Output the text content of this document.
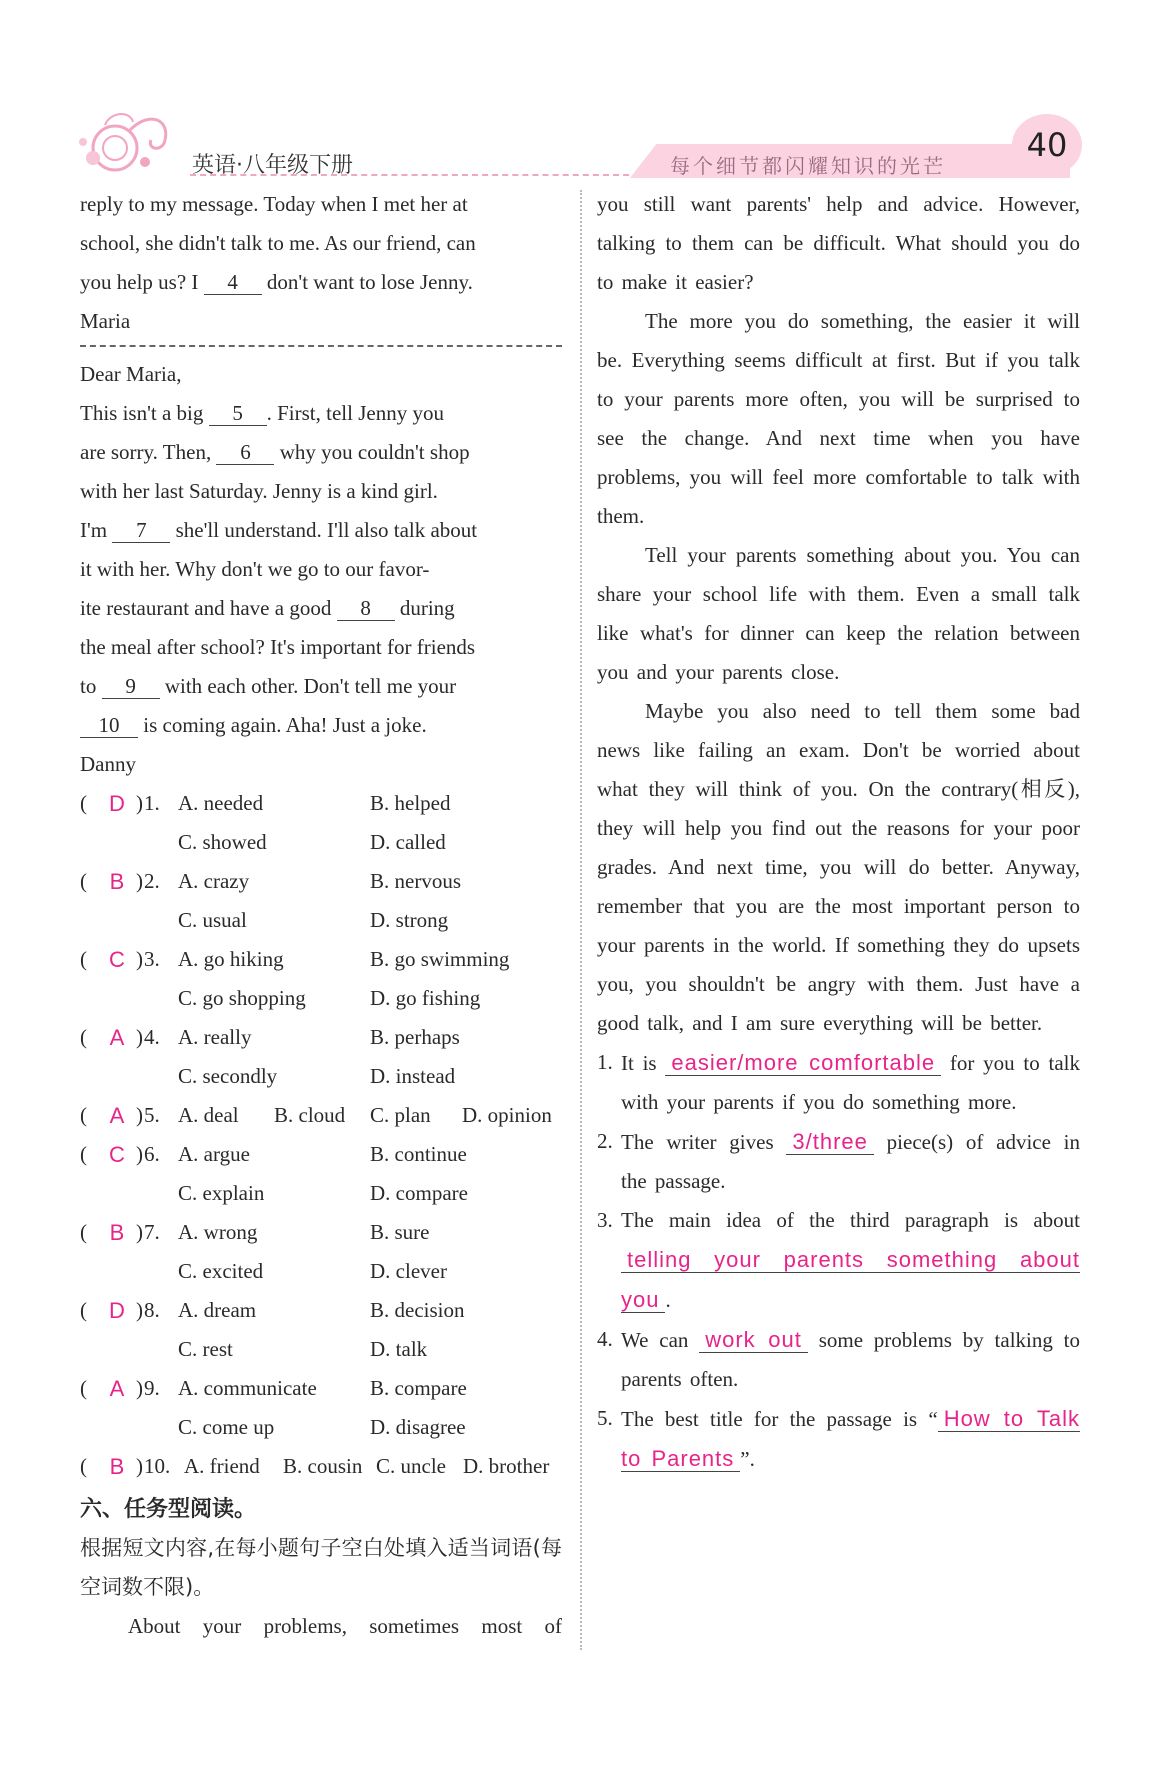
英语·八年级下册	每个细节都闪耀知识的光芒
40
reply to my message. Today when I met her at
school, she didn't talk to me. As our friend, can
you help us? I 4 don't want to lose Jenny.
Maria
Dear Maria,
This isn't a big 5 . First, tell Jenny you
are sorry. Then, 6 why you couldn't shop
with her last Saturday. Jenny is a kind girl.
I'm 7 she'll understand. I'll also talk about
it with her. Why don't we go to our favor-
ite restaurant and have a good 8 during
the meal after school? It's important for friends
to 9 with each other. Don't tell me your
10 is coming again. Aha! Just a joke.
Danny
( D ) 1. A. needed	B. helped
C. showed	D. called
( B ) 2. A. crazy	B. nervous
C. usual	D. strong
( C ) 3. A. go hiking	B. go swimming
C. go shopping	D. go fishing
( A ) 4. A. really	B. perhaps
C. secondly	D. instead
( A ) 5. A. deal B. cloud C. plan D. opinion
( C ) 6. A. argue	B. continue
C. explain	D. compare
( B ) 7. A. wrong	B. sure
C. excited	D. clever
( D ) 8. A. dream	B. decision
C. rest	D. talk
( A ) 9. A. communicate	B. compare
C. come up	D. disagree
( B ) 10. A. friend B. cousin C. uncle D. brother

六、任务型阅读。

根据短文内容,在每小题句子空白处填入适当词语(每空词数不限)。

About your problems, sometimes most of

you still want parents' help and advice. However, talking to them can be difficult. What should you do to make it easier?

The more you do something, the easier it will be. Everything seems difficult at first. But if you talk to your parents more often, you will be surprised to see the change. And next time when you have problems, you will feel more comfortable to talk with them.

Tell your parents something about you. You can share your school life with them. Even a small talk like what's for dinner can keep the relation between you and your parents close.

Maybe you also need to tell them some bad news like failing an exam. Don't be worried about what they will think of you. On the contrary(相反), they will help you find out the reasons for your poor grades. And next time, you will do better. Anyway, remember that you are the most important person to your parents in the world. If something they do upsets you, you shouldn't be angry with them. Just have a good talk, and I am sure everything will be better.

1. It is easier/more comfortable for you to talk with your parents if you do something more.

2. The writer gives 3/three piece(s) of advice in the passage.

3. The main idea of the third paragraph is about telling your parents something about you .

4. We can work out some problems by talking to parents often.

5. The best title for the passage is “ How to Talk to Parents ”.
